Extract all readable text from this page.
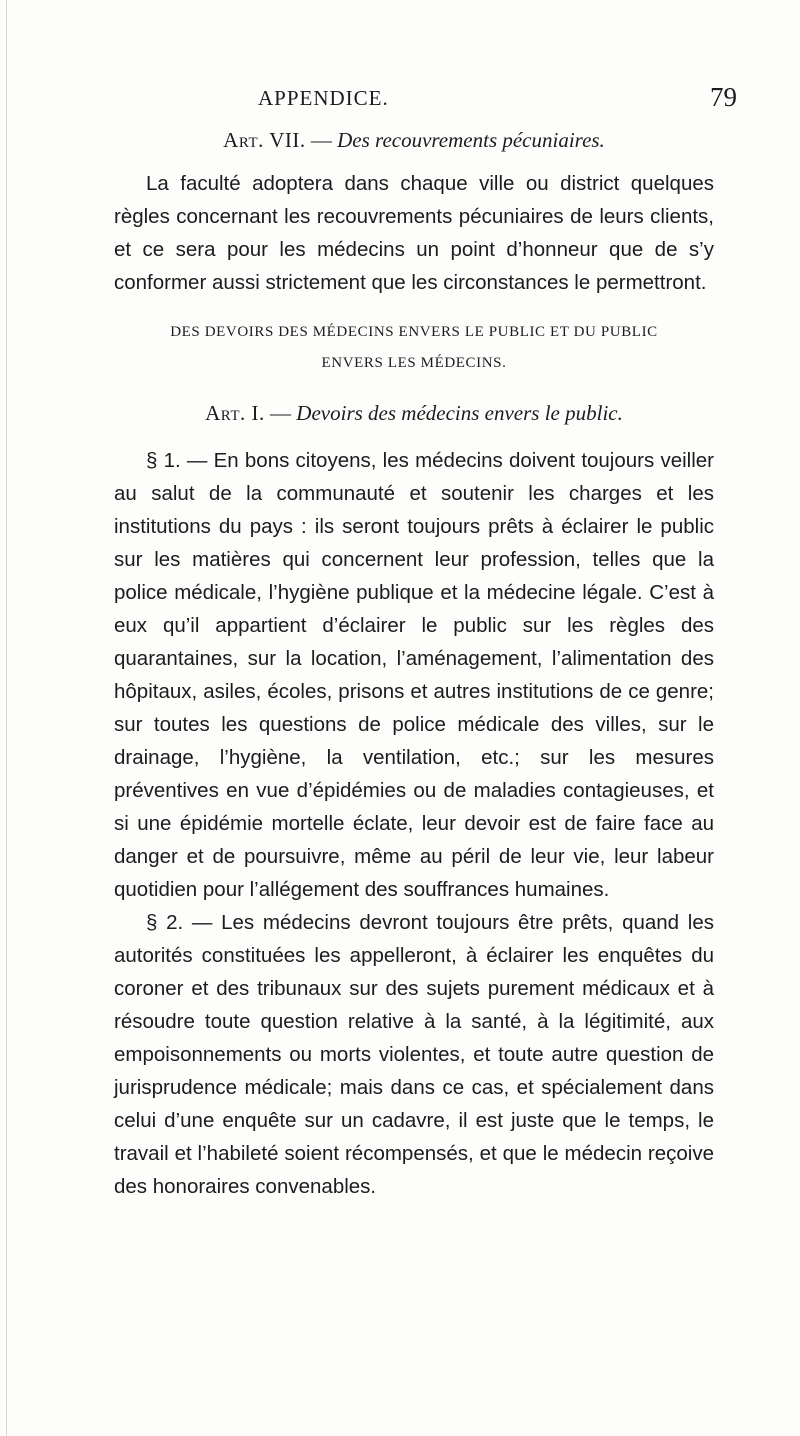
APPENDICE.	79

Art. VII. — Des recouvrements pécuniaires.

La faculté adoptera dans chaque ville ou district quelques règles concernant les recouvrements pécuniaires de leurs clients, et ce sera pour les médecins un point d’honneur que de s’y conformer aussi strictement que les circonstances le permettront.

DES DEVOIRS DES MÉDECINS ENVERS LE PUBLIC ET DU PUBLIC
ENVERS LES MÉDECINS.

Art. I. — Devoirs des médecins envers le public.

§ 1. — En bons citoyens, les médecins doivent toujours veiller au salut de la communauté et soutenir les charges et les institutions du pays : ils seront toujours prêts à éclairer le public sur les matières qui concernent leur profession, telles que la police médicale, l’hygiène publique et la médecine légale. C’est à eux qu’il appartient d’éclairer le public sur les règles des quarantaines, sur la location, l’aménagement, l’alimentation des hôpitaux, asiles, écoles, prisons et autres institutions de ce genre; sur toutes les questions de police médicale des villes, sur le drainage, l’hygiène, la ventilation, etc.; sur les mesures préventives en vue d’épidémies ou de maladies contagieuses, et si une épidémie mortelle éclate, leur devoir est de faire face au danger et de poursuivre, même au péril de leur vie, leur labeur quotidien pour l’allégement des souffrances humaines.

§ 2. — Les médecins devront toujours être prêts, quand les autorités constituées les appelleront, à éclairer les enquêtes du coroner et des tribunaux sur des sujets purement médicaux et à résoudre toute question relative à la santé, à la légitimité, aux empoisonnements ou morts violentes, et toute autre question de jurisprudence médicale; mais dans ce cas, et spécialement dans celui d’une enquête sur un cadavre, il est juste que le temps, le travail et l’habileté soient récompensés, et que le médecin reçoive des honoraires convenables.
